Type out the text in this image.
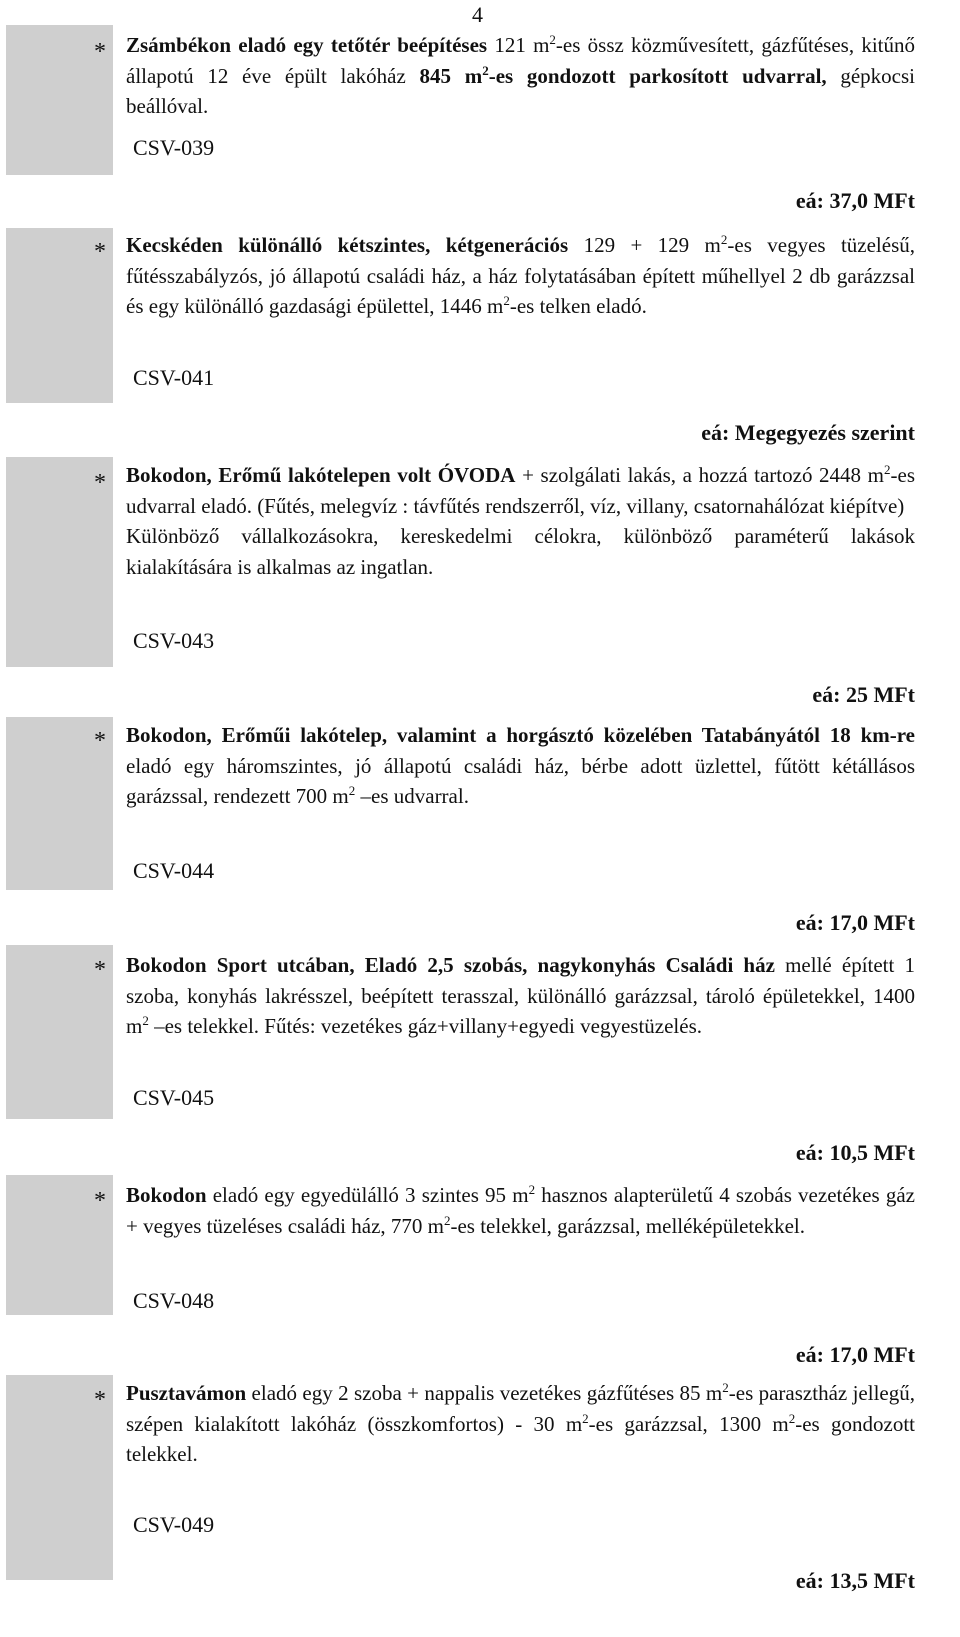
4
* Zsámbékon eladó egy tetőtér beépítéses 121 $m^2-es$ össz közművesített, gázfűtéses, kitűnő állapotú 12 éve épült lakóház 845 $m^2-es$ gondozott parkosított udvarral, gépkocsi beállóval.
CSV-039
eá: 37,0 MFt
* Kecskéden különálló kétszintes, kétgenerációs 129 + 129 $m^2-es$ vegyes tüzelésű, fűtésszabályzós, jó állapotú családi ház, a ház folytatásában épített műhellyel 2 db garázzsal és egy különálló gazdasági épülettel, 1446 $m^2-es$ telken eladó.
CSV-041
eá: Megegyezés szerint
* Bokodon, Erőmű lakótelepen volt ÓVODA + szolgálati lakás, a hozzá tartozó 2448 $m^2-es$ udvarral eladó. (Fűtés, melegvíz : távfűtés rendszerről, víz, villany, csatornahálózat kiépítve)
Különböző vállalkozásokra, kereskedelmi célokra, különböző paraméterű lakások kialakítására is alkalmas az ingatlan.
CSV-043
eá: 25 MFt
* Bokodon, Erőműi lakótelep, valamint a horgásztó közelében Tatabányától 18 km-re eladó egy háromszintes, jó állapotú családi ház, bérbe adott üzlettel, fűtött kétállásos garázssal, rendezett 700 $m^2$ –es udvarral.
CSV-044
eá: 17,0 MFt
* Bokodon Sport utcában, Eladó 2,5 szobás, nagykonyhás Családi ház mellé épített 1 szoba, konyhás lakrésszel, beépített terasszal, különálló garázzsal, tároló épületekkel, 1400 $m^2$ –es telekkel. Fűtés: vezetékes gáz+villany+egyedi vegyestüzelés.
CSV-045
eá: 10,5 MFt
* Bokodon eladó egy egyedülálló 3 szintes 95 $m^2$ hasznos alapterületű 4 szobás vezetékes gáz + vegyes tüzeléses családi ház, 770 $m^2-es$ telekkel, garázzsal, melléképületekkel.
CSV-048
eá: 17,0 MFt
* Pusztavámon eladó egy 2 szoba + nappalis vezetékes gázfűtéses 85 $m^2-es$ parasztház jellegű, szépen kialakított lakóház (összkomfortos) - 30 $m^2-es$ garázzsal, 1300 $m^2-es$ gondozott telekkel.
CSV-049
eá: 13,5 MFt
